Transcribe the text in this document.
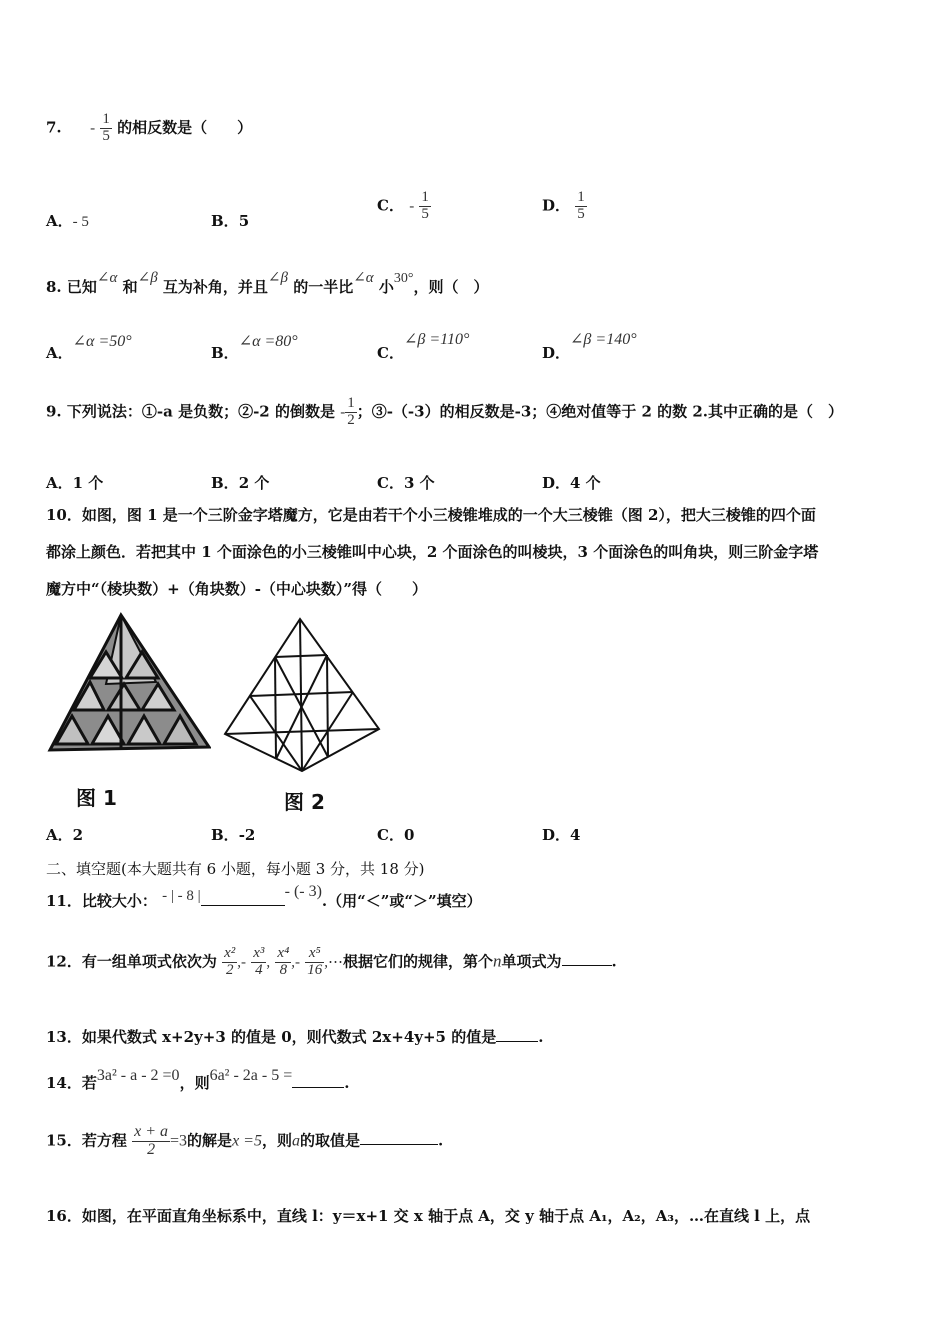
7. - $\frac{1}{5}$ 的相反数是（　　）
A．- 5	B．5
C． - $\frac{1}{5}$	D． $\frac{1}{5}$
8. 已知∠α 和∠β 互为补角，并且∠β 的一半比∠α 小30°，则（　）
A．∠α =50°
B．∠α =80°
C．∠β =110°
D．∠β =140°
9. 下列说法：①-a 是负数；②-2 的倒数是 - $\frac{1}{2}$ ；③-（-3）的相反数是-3；④绝对值等于 2 的数 2.其中正确的是（　）
A．1 个	B．2 个	C．3 个	D．4 个
10．如图，图 1 是一个三阶金字塔魔方，它是由若干个小三棱锥堆成的一个大三棱锥（图 2），把大三棱锥的四个面
都涂上颜色．若把其中 1 个面涂色的小三棱锥叫中心块，2 个面涂色的叫棱块，3 个面涂色的叫角块，则三阶金字塔
魔方中“（棱块数）+（角块数）-（中心块数）”得（　　）
图 1	图 2
A．2	B．-2	C．0	D．4
二、填空题(本大题共有 6 小题，每小题 3 分，共 18 分)
11．比较大小： - | - 8 |	- (- 3).（用“＜”或“＞”填空）
12．有一组单项式依次为 $\frac{\text{x²}}{2}$ ,- $\frac{\text{x³}}{4}$ , $\frac{\text{x⁴}}{8}$ ,- $\frac{\text{x⁵}}{16}$ ,⋯根据它们的规律，第个n单项式为	.
13．如果代数式 x+2y+3 的值是 0，则代数式 2x+4y+5 的值是	.
14．若3a² - a - 2 =0，则6a² - 2a - 5 =	.
15．若方程 $\frac{x + a}{2} =3$的解是x =5，则a的取值是	.
16．如图，在平面直角坐标系中，直线 l：y＝x+1 交 x 轴于点 A，交 y 轴于点 A₁，A₂，A₃，…在直线 l 上，点
